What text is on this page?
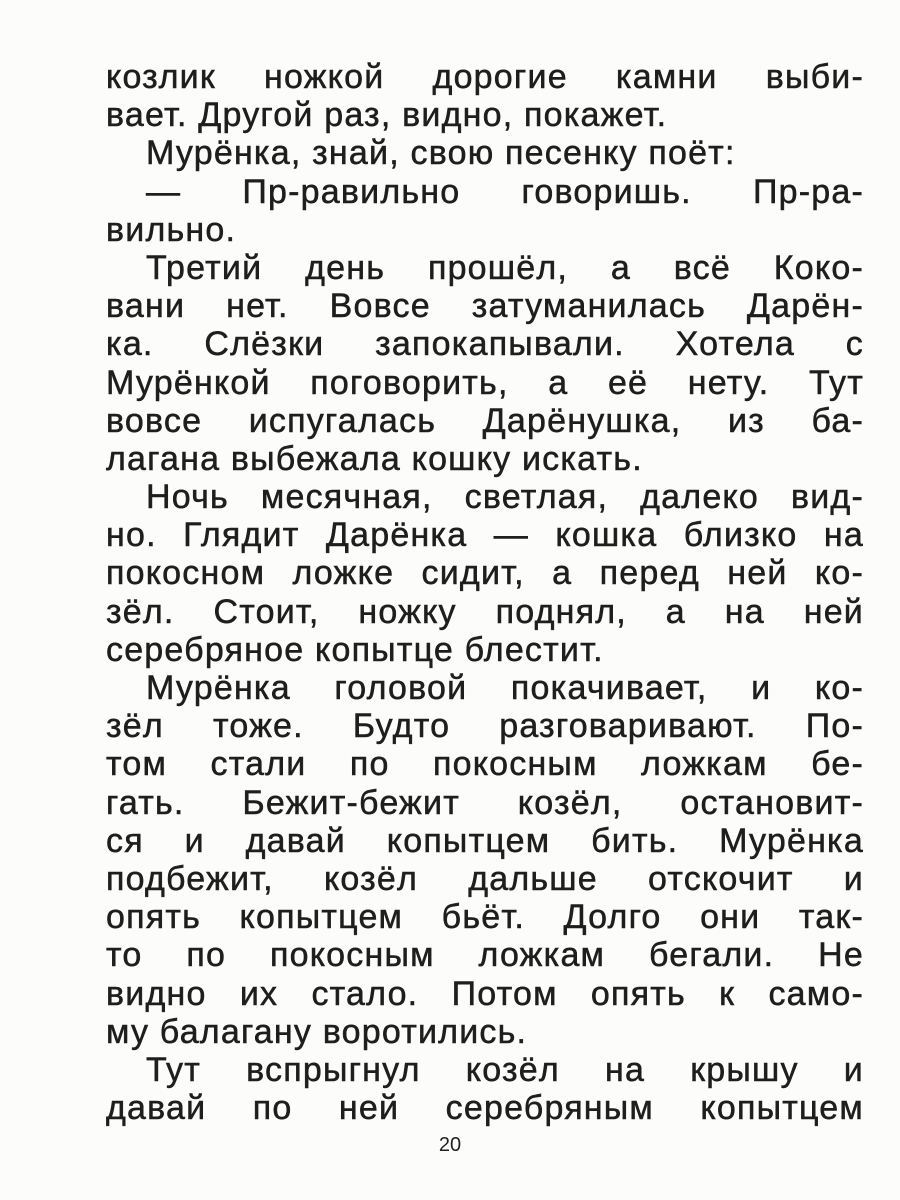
козлик ножкой дорогие камни выби-
вает. Другой раз, видно, покажет.
Мурёнка, знай, свою песенку поёт:
— Пр-равильно говоришь. Пр-ра-
вильно.
Третий день прошёл, а всё Коко-
вани нет. Вовсе затуманилась Дарён-
ка. Слёзки запокапывали. Хотела с
Мурёнкой поговорить, а её нету. Тут
вовсе испугалась Дарёнушка, из ба-
лагана выбежала кошку искать.
Ночь месячная, светлая, далеко вид-
но. Глядит Дарёнка — кошка близко на
покосном ложке сидит, а перед ней ко-
зёл. Стоит, ножку поднял, а на ней
серебряное копытце блестит.
Мурёнка головой покачивает, и ко-
зёл тоже. Будто разговаривают. По-
том стали по покосным ложкам бе-
гать. Бежит-бежит козёл, остановит-
ся и давай копытцем бить. Мурёнка
подбежит, козёл дальше отскочит и
опять копытцем бьёт. Долго они так-
то по покосным ложкам бегали. Не
видно их стало. Потом опять к само-
му балагану воротились.
Тут вспрыгнул козёл на крышу и
давай по ней серебряным копытцем
20
